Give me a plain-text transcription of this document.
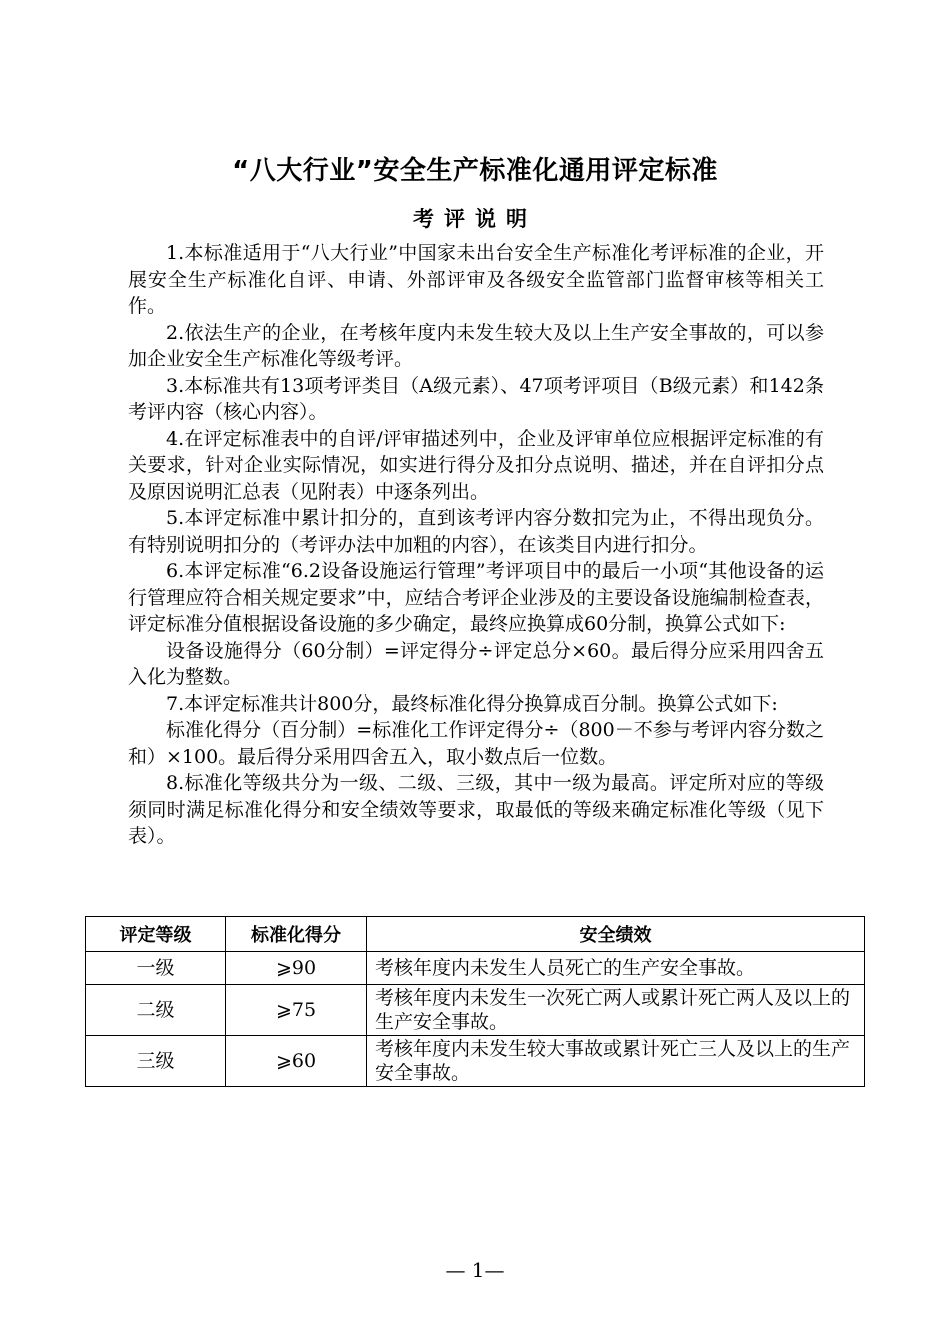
“八大行业”安全生产标准化通用评定标准
考评说明

1.本标准适用于“八大行业”中国家未出台安全生产标准化考评标准的企业，开展安全生产标准化自评、申请、外部评审及各级安全监管部门监督审核等相关工作。

2.依法生产的企业，在考核年度内未发生较大及以上生产安全事故的，可以参加企业安全生产标准化等级考评。

3.本标准共有13项考评类目（A级元素）、47项考评项目（B级元素）和142条考评内容（核心内容）。

4.在评定标准表中的自评/评审描述列中，企业及评审单位应根据评定标准的有关要求，针对企业实际情况，如实进行得分及扣分点说明、描述，并在自评扣分点及原因说明汇总表（见附表）中逐条列出。

5.本评定标准中累计扣分的，直到该考评内容分数扣完为止，不得出现负分。有特别说明扣分的（考评办法中加粗的内容），在该类目内进行扣分。

6.本评定标准“6.2设备设施运行管理”考评项目中的最后一小项“其他设备的运行管理应符合相关规定要求”中，应结合考评企业涉及的主要设备设施编制检查表，评定标准分值根据设备设施的多少确定，最终应换算成60分制，换算公式如下:

设备设施得分（60分制）=评定得分÷评定总分×60。最后得分应采用四舍五入化为整数。

7.本评定标准共计800分，最终标准化得分换算成百分制。换算公式如下:

标准化得分（百分制）=标准化工作评定得分÷（800－不参与考评内容分数之和）×100。最后得分采用四舍五入，取小数点后一位数。

8.标准化等级共分为一级、二级、三级，其中一级为最高。评定所对应的等级须同时满足标准化得分和安全绩效等要求，取最低的等级来确定标准化等级（见下表）。

评定等级	标准化得分	安全绩效
一级	⩾90	考核年度内未发生人员死亡的生产安全事故。
二级	⩾75	考核年度内未发生一次死亡两人或累计死亡两人及以上的生产安全事故。
三级	⩾60	考核年度内未发生较大事故或累计死亡三人及以上的生产安全事故。
— 1—
